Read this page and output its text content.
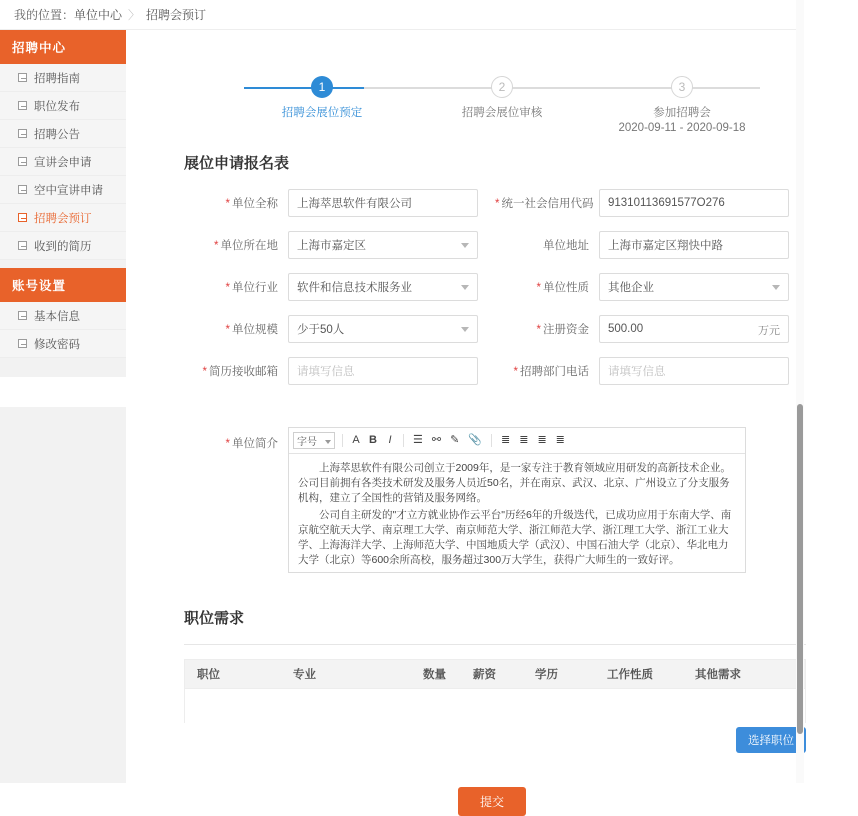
我的位置： 单位中心 〉 招聘会预订
招聘中心
招聘指南
职位发布
招聘公告
宣讲会申请
空中宣讲申请
招聘会预订
收到的简历
账号设置
基本信息
修改密码
1
招聘会展位预定
2
招聘会展位审核
3
参加招聘会
2020-09-11 - 2020-09-18
展位申请报名表
* 单位全称	上海萃思软件有限公司	* 统一社会信用代码	91310113691577O276
* 单位所在地	上海市嘉定区	单位地址	上海市嘉定区翔快中路
* 单位行业	软件和信息技术服务业	* 单位性质	其他企业
* 单位规模	少于50人	* 注册资金	500.00	万元
* 简历接收邮箱	请填写信息	* 招聘部门电话	请填写信息
* 单位简介	字号	A B I ☰ ⚯ ✎ 📎 ≣ ≣ ≣ ≣

上海萃思软件有限公司创立于2009年，是一家专注于教育领域应用研发的高新技术企业。公司目前拥有各类技术研发及服务人员近50名，并在南京、武汉、北京、广州设立了分支服务机构，建立了全国性的营销及服务网络。

公司自主研发的"才立方就业协作云平台"历经6年的升级迭代，已成功应用于东南大学、南京航空航天大学、南京理工大学、南京师范大学、浙江师范大学、浙江理工大学、浙江工业大学、上海海洋大学、上海师范大学、中国地质大学（武汉）、中国石油大学（北京）、华北电力大学（北京）等600余所高校，服务超过300万大学生，获得广大师生的一致好评。

职位需求
职位	专业	数量	薪资	学历	工作性质	其他需求
选择职位
提交
